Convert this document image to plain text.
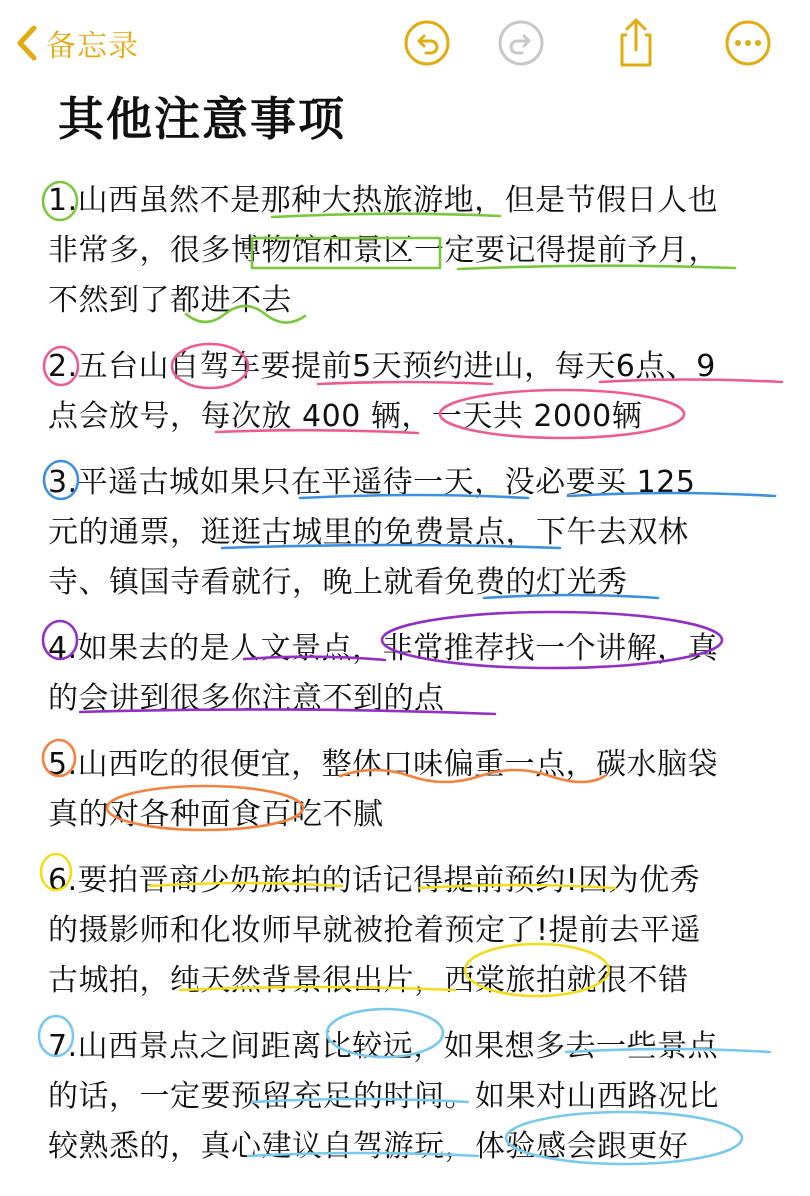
备忘录
其他注意事项
1.山西虽然不是那种大热旅游地，但是节假日人也
非常多，很多博物馆和景区一定要记得提前予月，
不然到了都进不去
2.五台山自驾车要提前5天预约进山，每天6点、9
点会放号，每次放 400 辆，一天共 2000辆
3.平遥古城如果只在平遥待一天，没必要买 125
元的通票，逛逛古城里的免费景点，下午去双林
寺、镇国寺看就行，晚上就看免费的灯光秀
4.如果去的是人文景点，非常推荐找一个讲解，真
的会讲到很多你注意不到的点
5.山西吃的很便宜，整体口味偏重一点，碳水脑袋
真的对各种面食百吃不腻
6.要拍晋商少奶旅拍的话记得提前预约!因为优秀
的摄影师和化妆师早就被抢着预定了!提前去平遥
古城拍，纯天然背景很出片，西棠旅拍就很不错
7.山西景点之间距离比较远，如果想多去一些景点
的话，一定要预留充足的时间。如果对山西路况比
较熟悉的，真心建议自驾游玩，体验感会跟更好
